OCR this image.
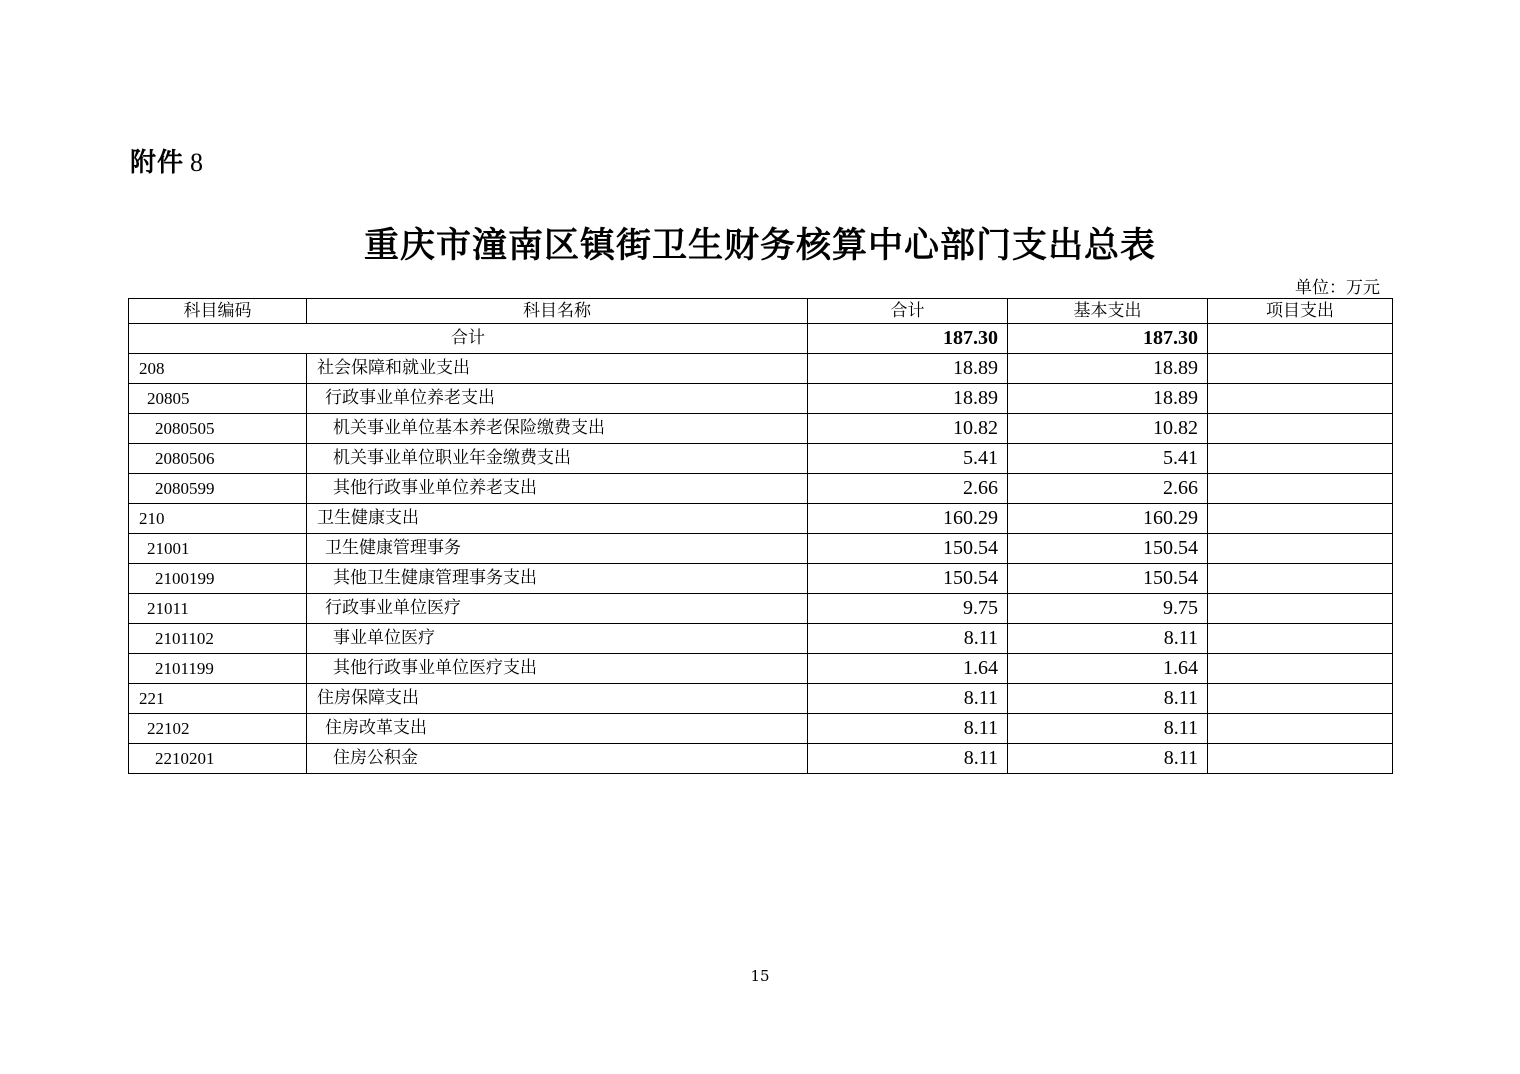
附件 8
重庆市潼南区镇街卫生财务核算中心部门支出总表
单位：万元
科目编码	科目名称	合计	基本支出	项目支出
合计		187.30	187.30	
208	社会保障和就业支出	18.89	18.89	
20805	行政事业单位养老支出	18.89	18.89	
2080505	机关事业单位基本养老保险缴费支出	10.82	10.82	
2080506	机关事业单位职业年金缴费支出	5.41	5.41	
2080599	其他行政事业单位养老支出	2.66	2.66	
210	卫生健康支出	160.29	160.29	
21001	卫生健康管理事务	150.54	150.54	
2100199	其他卫生健康管理事务支出	150.54	150.54	
21011	行政事业单位医疗	9.75	9.75	
2101102	事业单位医疗	8.11	8.11	
2101199	其他行政事业单位医疗支出	1.64	1.64	
221	住房保障支出	8.11	8.11	
22102	住房改革支出	8.11	8.11	
2210201	住房公积金	8.11	8.11	
15
